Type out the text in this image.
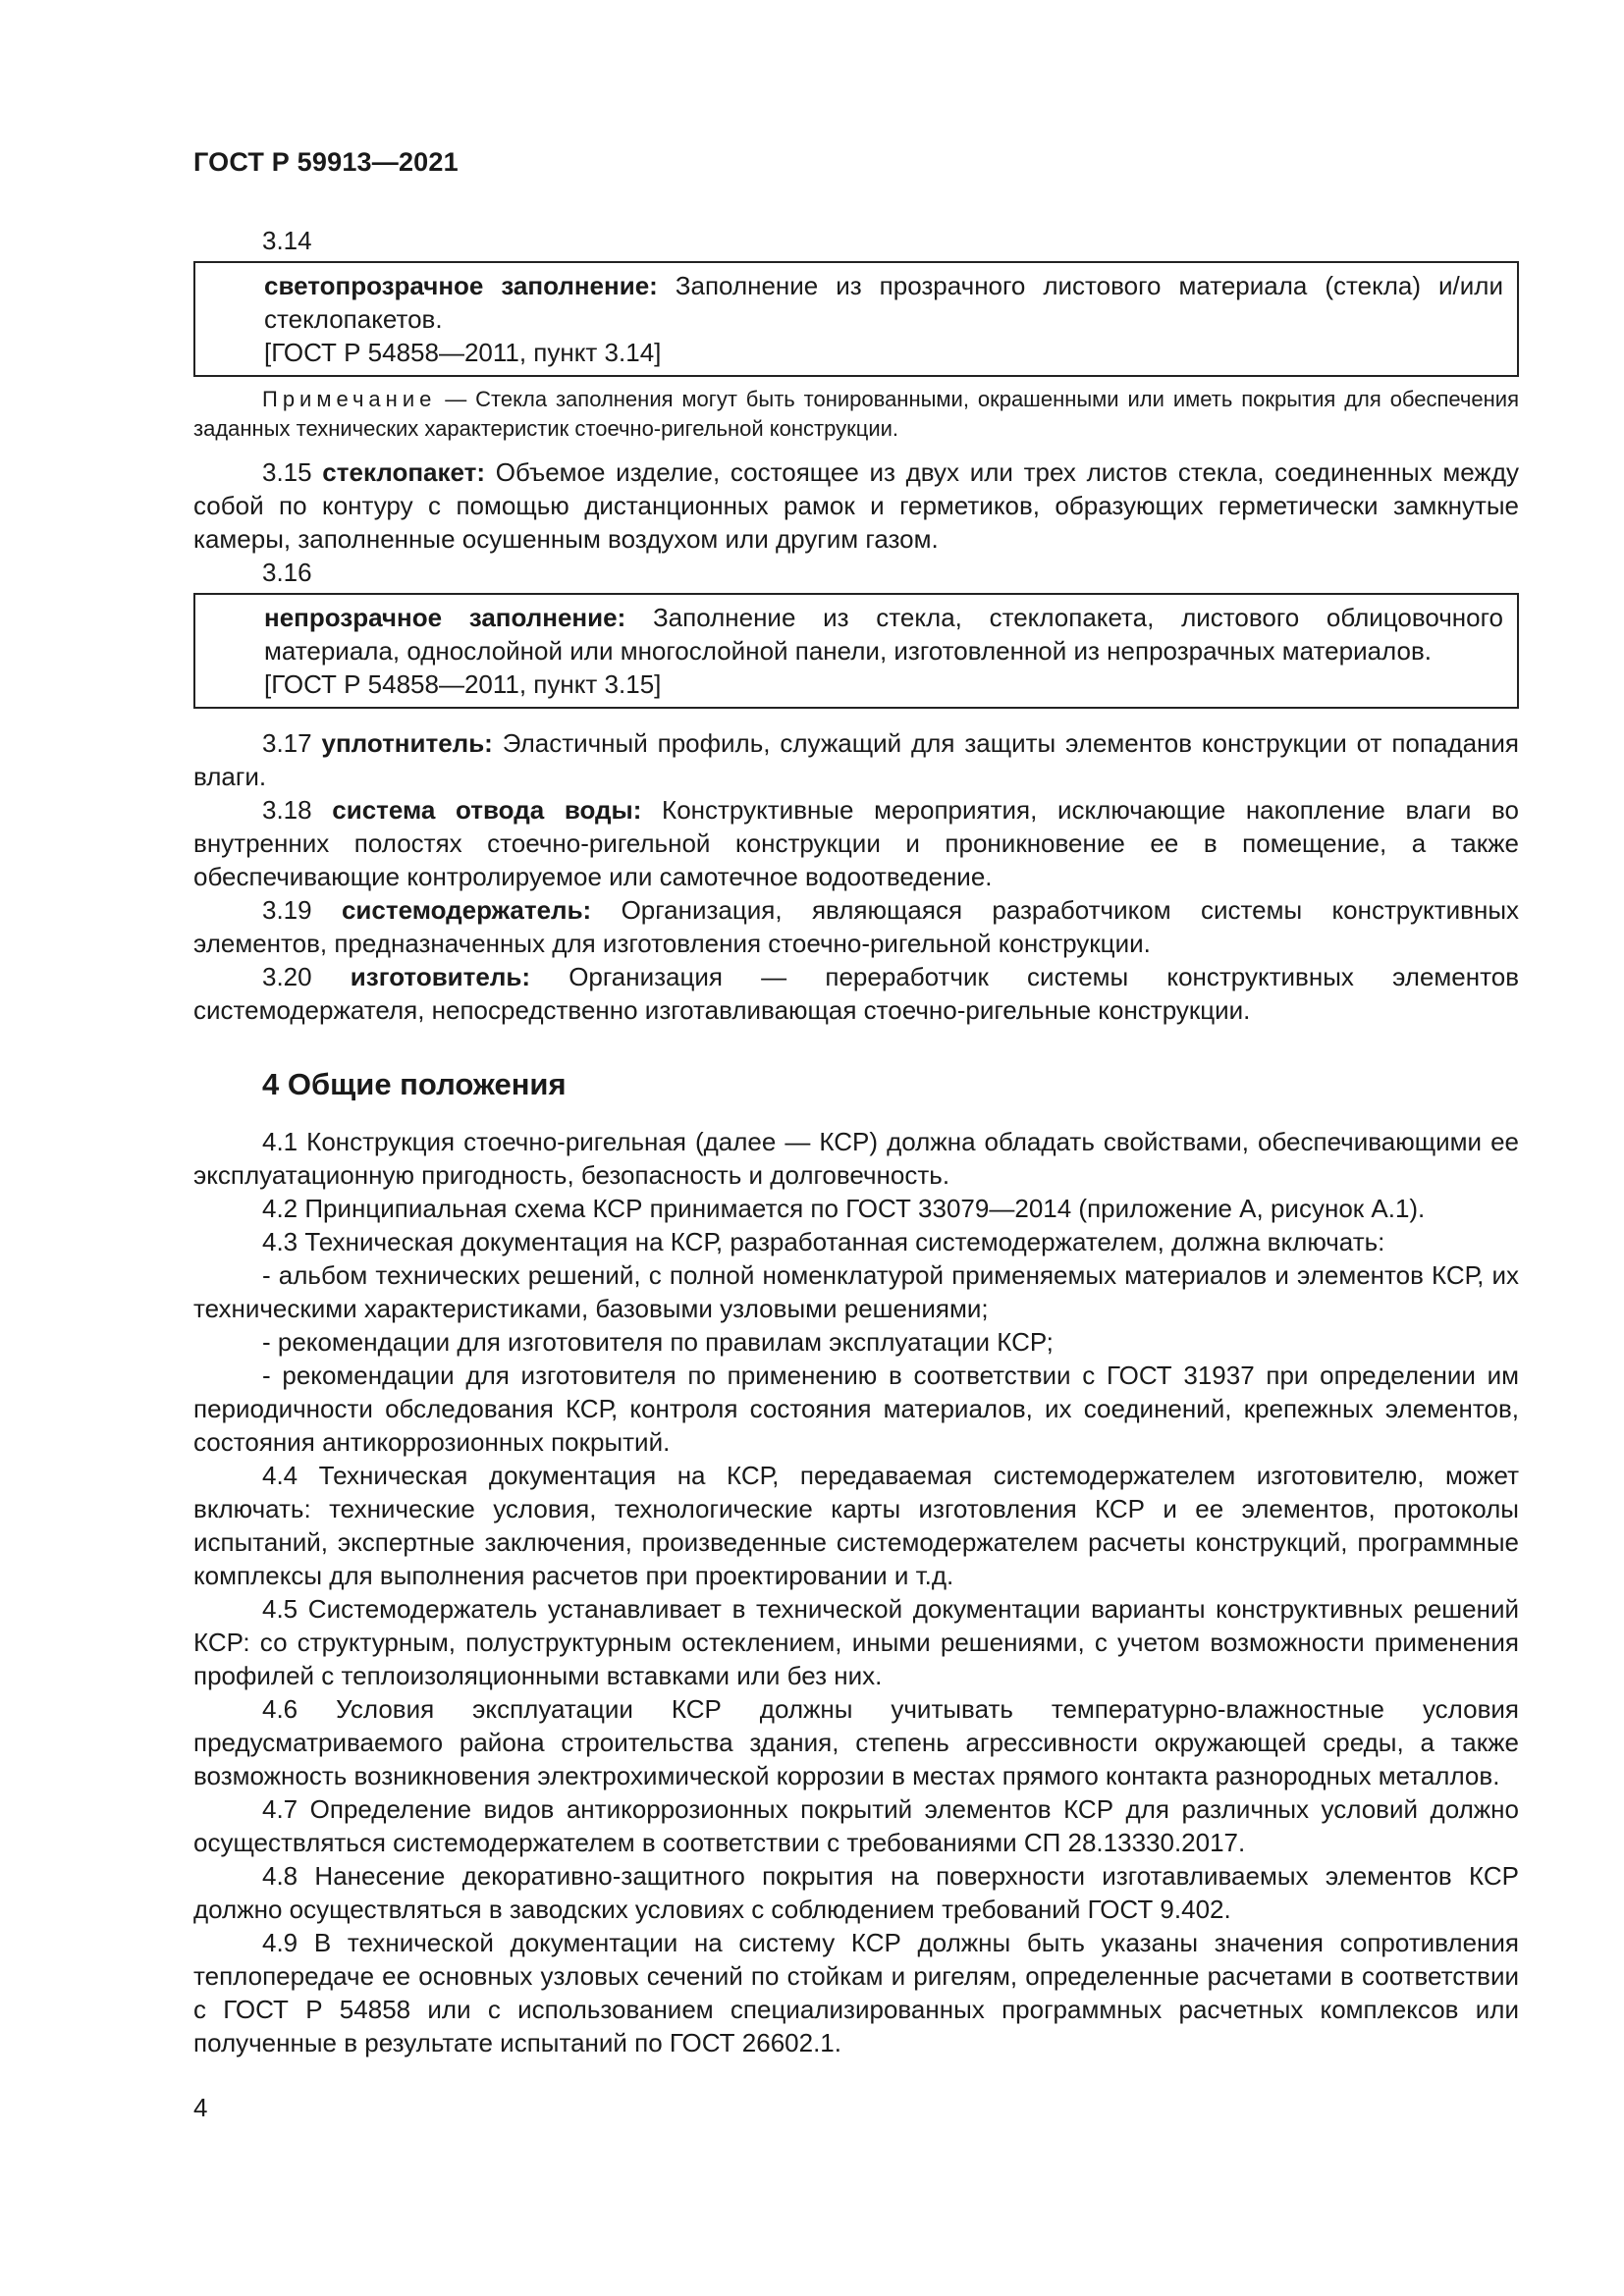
ГОСТ Р 59913—2021

3.14

светопрозрачное заполнение: Заполнение из прозрачного листового материала (стекла) и/или стеклопакетов.

[ГОСТ Р 54858—2011, пункт 3.14]

Примечание — Стекла заполнения могут быть тонированными, окрашенными или иметь покрытия для обеспечения заданных технических характеристик стоечно-ригельной конструкции.

3.15 стеклопакет: Объемое изделие, состоящее из двух или трех листов стекла, соединенных между собой по контуру с помощью дистанционных рамок и герметиков, образующих герметически замкнутые камеры, заполненные осушенным воздухом или другим газом.

3.16

непрозрачное заполнение: Заполнение из стекла, стеклопакета, листового облицовочного материала, однослойной или многослойной панели, изготовленной из непрозрачных материалов.

[ГОСТ Р 54858—2011, пункт 3.15]

3.17 уплотнитель: Эластичный профиль, служащий для защиты элементов конструкции от попадания влаги.

3.18 система отвода воды: Конструктивные мероприятия, исключающие накопление влаги во внутренних полостях стоечно-ригельной конструкции и проникновение ее в помещение, а также обеспечивающие контролируемое или самотечное водоотведение.

3.19 системодержатель: Организация, являющаяся разработчиком системы конструктивных элементов, предназначенных для изготовления стоечно-ригельной конструкции.

3.20 изготовитель: Организация — переработчик системы конструктивных элементов системодержателя, непосредственно изготавливающая стоечно-ригельные конструкции.

4 Общие положения

4.1 Конструкция стоечно-ригельная (далее — КСР) должна обладать свойствами, обеспечивающими ее эксплуатационную пригодность, безопасность и долговечность.

4.2 Принципиальная схема КСР принимается по ГОСТ 33079—2014 (приложение А, рисунок А.1).

4.3 Техническая документация на КСР, разработанная системодержателем, должна включать:

- альбом технических решений, с полной номенклатурой применяемых материалов и элементов КСР, их техническими характеристиками, базовыми узловыми решениями;

- рекомендации для изготовителя по правилам эксплуатации КСР;

- рекомендации для изготовителя по применению в соответствии с ГОСТ 31937 при определении им периодичности обследования КСР, контроля состояния материалов, их соединений, крепежных элементов, состояния антикоррозионных покрытий.

4.4 Техническая документация на КСР, передаваемая системодержателем изготовителю, может включать: технические условия, технологические карты изготовления КСР и ее элементов, протоколы испытаний, экспертные заключения, произведенные системодержателем расчеты конструкций, программные комплексы для выполнения расчетов при проектировании и т.д.

4.5 Системодержатель устанавливает в технической документации варианты конструктивных решений КСР: со структурным, полуструктурным остеклением, иными решениями, с учетом возможности применения профилей с теплоизоляционными вставками или без них.

4.6 Условия эксплуатации КСР должны учитывать температурно-влажностные условия предусматриваемого района строительства здания, степень агрессивности окружающей среды, а также возможность возникновения электрохимической коррозии в местах прямого контакта разнородных металлов.

4.7 Определение видов антикоррозионных покрытий элементов КСР для различных условий должно осуществляться системодержателем в соответствии с требованиями СП 28.13330.2017.

4.8 Нанесение декоративно-защитного покрытия на поверхности изготавливаемых элементов КСР должно осуществляться в заводских условиях с соблюдением требований ГОСТ 9.402.

4.9 В технической документации на систему КСР должны быть указаны значения сопротивления теплопередаче ее основных узловых сечений по стойкам и ригелям, определенные расчетами в соответствии с ГОСТ Р 54858 или с использованием специализированных программных расчетных комплексов или полученные в результате испытаний по ГОСТ 26602.1.

4
